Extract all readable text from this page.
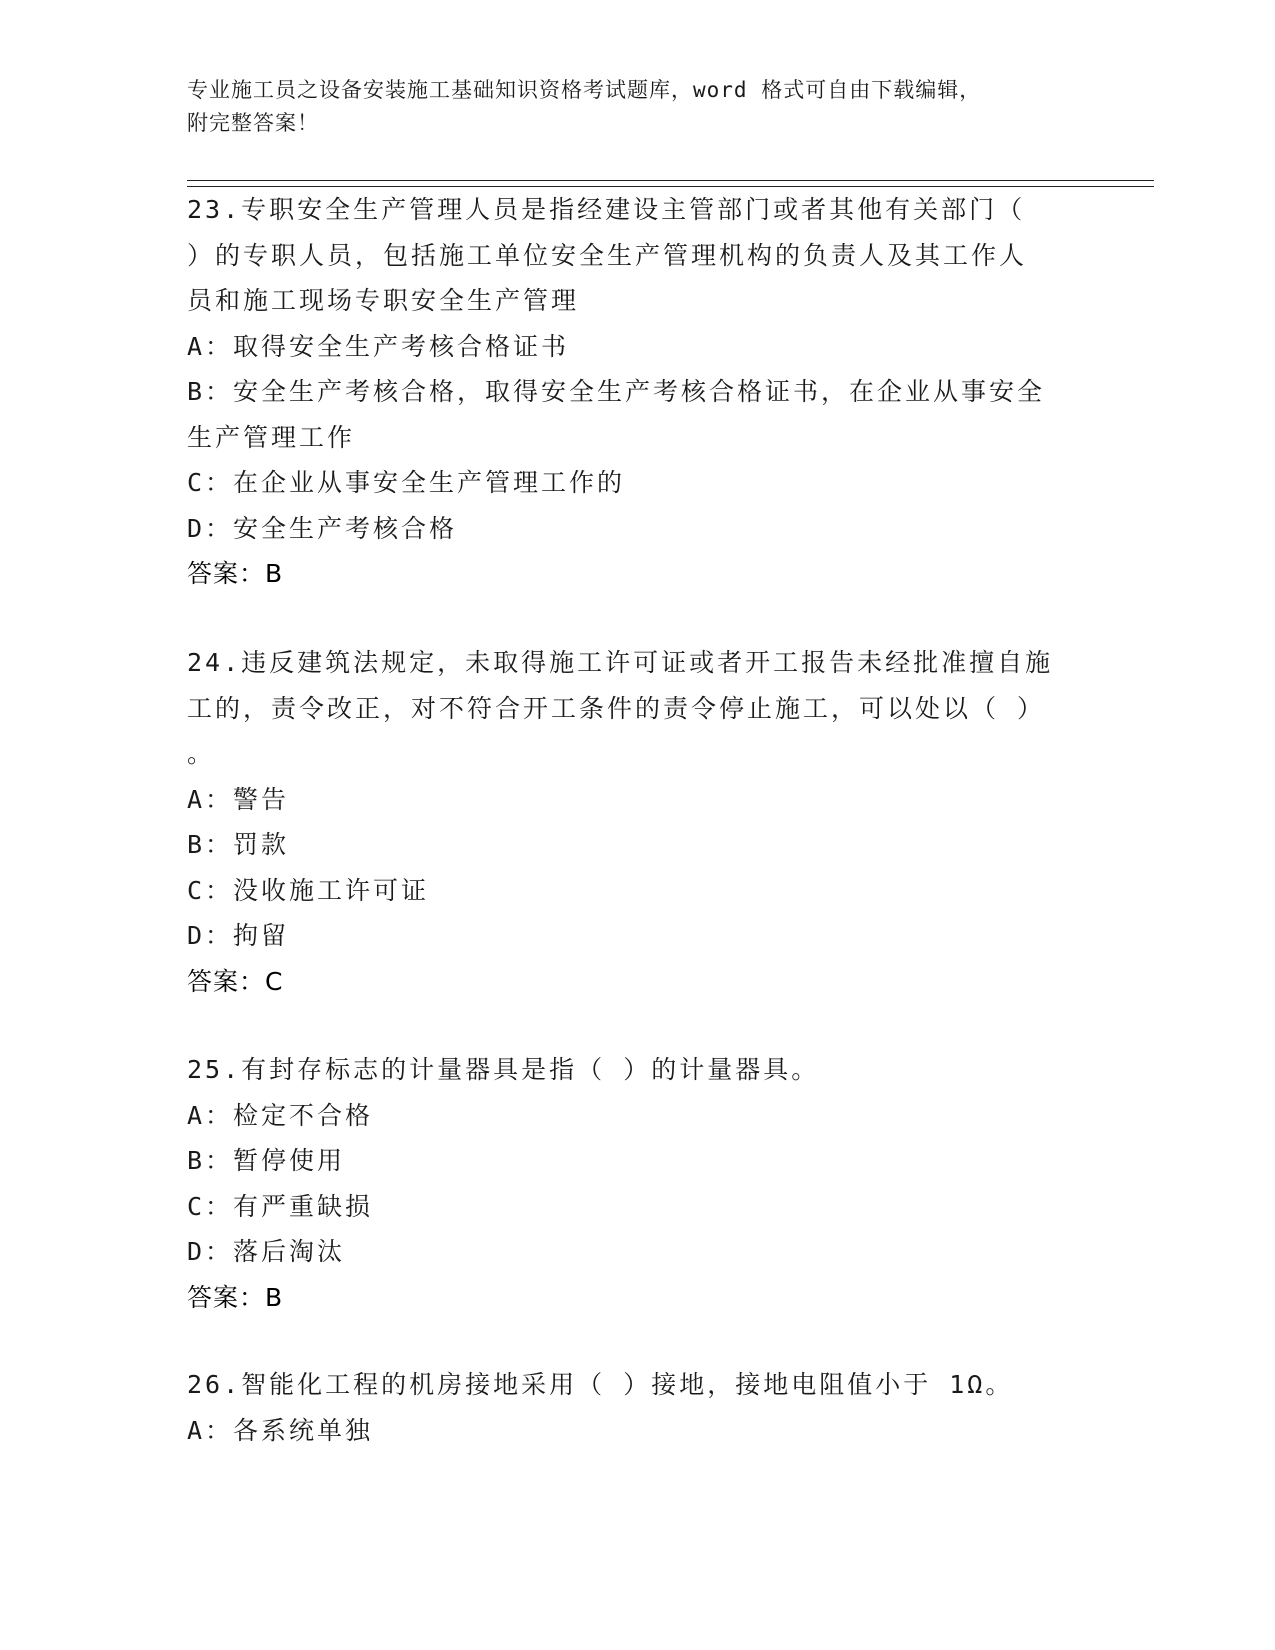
专业施工员之设备安装施工基础知识资格考试题库，word 格式可自由下载编辑，
附完整答案！
23.专职安全生产管理人员是指经建设主管部门或者其他有关部门（
）的专职人员，包括施工单位安全生产管理机构的负责人及其工作人
员和施工现场专职安全生产管理
A：取得安全生产考核合格证书
B：安全生产考核合格，取得安全生产考核合格证书，在企业从事安全
生产管理工作
C：在企业从事安全生产管理工作的
D：安全生产考核合格
答案：B
24.违反建筑法规定，未取得施工许可证或者开工报告未经批准擅自施
工的，责令改正，对不符合开工条件的责令停止施工，可以处以（ ）
。
A：警告
B：罚款
C：没收施工许可证
D：拘留
答案：C
25.有封存标志的计量器具是指（ ）的计量器具。
A：检定不合格
B：暂停使用
C：有严重缺损
D：落后淘汰
答案：B
26.智能化工程的机房接地采用（ ）接地，接地电阻值小于 1Ω。
A：各系统单独
